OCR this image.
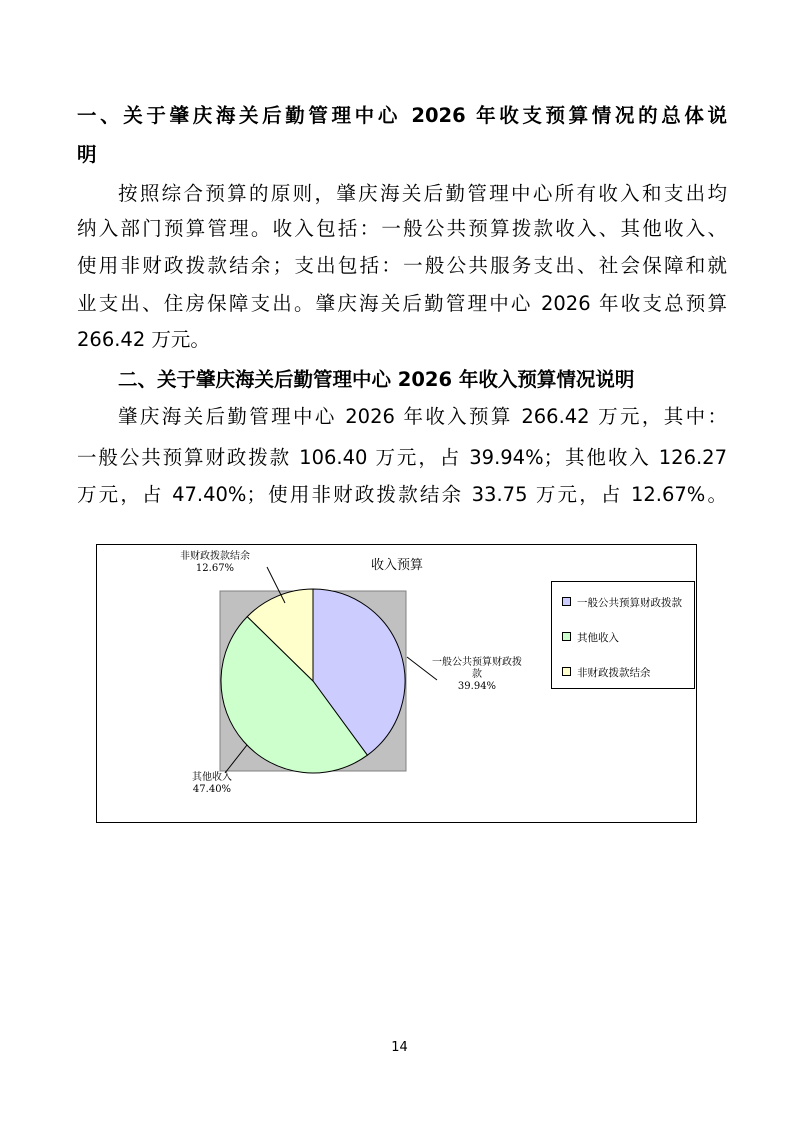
一、关于肇庆海关后勤管理中心 2026 年收支预算情况的总体说
明
按照综合预算的原则，肇庆海关后勤管理中心所有收入和支出均
纳入部门预算管理。收入包括：一般公共预算拨款收入、其他收入、
使用非财政拨款结余；支出包括：一般公共服务支出、社会保障和就
业支出、住房保障支出。肇庆海关后勤管理中心 2026 年收支总预算
266.42 万元。
二、关于肇庆海关后勤管理中心 2026 年收入预算情况说明
肇庆海关后勤管理中心 2026 年收入预算 266.42 万元，其中：
一般公共预算财政拨款 106.40 万元，占 39.94%；其他收入 126.27
万元，占 47.40%；使用非财政拨款结余 33.75 万元，占 12.67%。
收入预算
一般公共预算财政拨
款
39.94%
其他收入
47.40%
非财政拨款结余
12.67%
一般公共预算财政拨款
其他收入
非财政拨款结余
14
